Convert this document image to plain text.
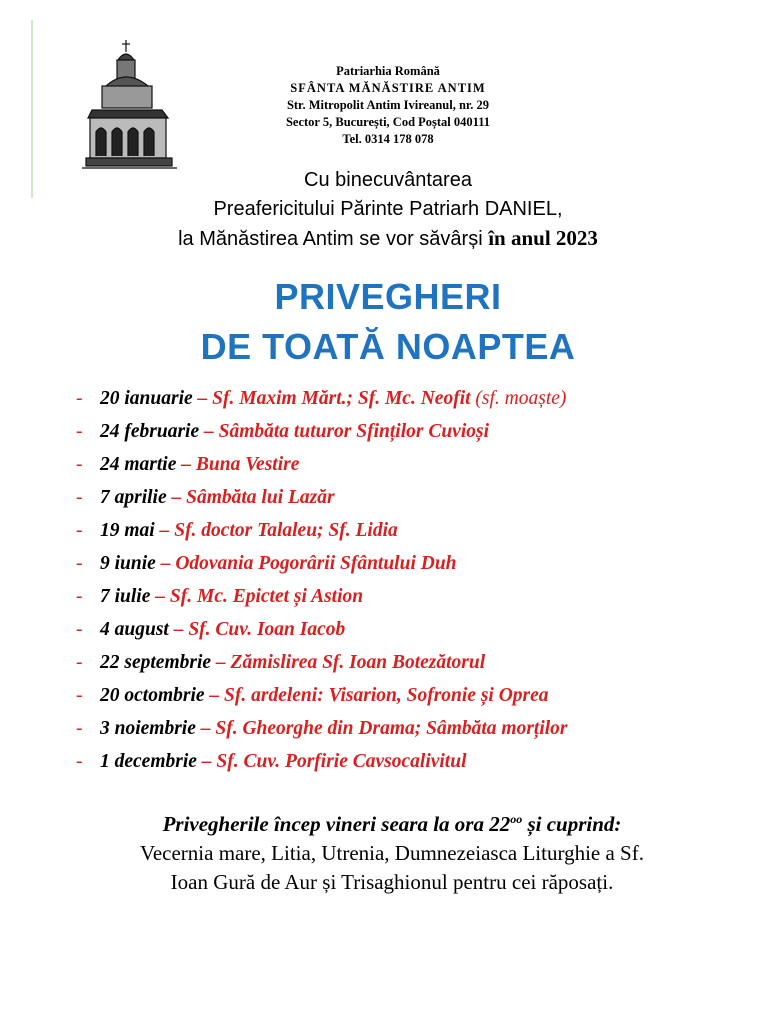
Patriarhia Română
SFÂNTA MĂNĂSTIRE ANTIM
Str. Mitropolit Antim Ivireanul, nr. 29
Sector 5, București, Cod Poștal 040111
Tel. 0314 178 078
Cu binecuvântarea
Preafericitului Părinte Patriarh DANIEL,
la Mănăstirea Antim se vor săvârși în anul 2023
PRIVEGHERI
DE TOATĂ NOAPTEA
- 20 ianuarie – Sf. Maxim Mărt.; Sf. Mc. Neofit (sf. moaște)
- 24 februarie – Sâmbăta tuturor Sfinților Cuvioși
- 24 martie – Buna Vestire
- 7 aprilie – Sâmbăta lui Lazăr
- 19 mai – Sf. doctor Talaleu; Sf. Lidia
- 9 iunie – Odovania Pogorârii Sfântului Duh
- 7 iulie – Sf. Mc. Epictet și Astion
- 4 august – Sf. Cuv. Ioan Iacob
- 22 septembrie – Zămislirea Sf. Ioan Botezătorul
- 20 octombrie – Sf. ardeleni: Visarion, Sofronie și Oprea
- 3 noiembrie – Sf. Gheorghe din Drama; Sâmbăta morților
- 1 decembrie – Sf. Cuv. Porfirie Cavsocalivitul
Privegherile încep vineri seara la ora $22^{oo}$ și cuprind:
Vecernia mare, Litia, Utrenia, Dumnezeiasca Liturghie a Sf.
Ioan Gură de Aur și Trisaghionul pentru cei răposați.
